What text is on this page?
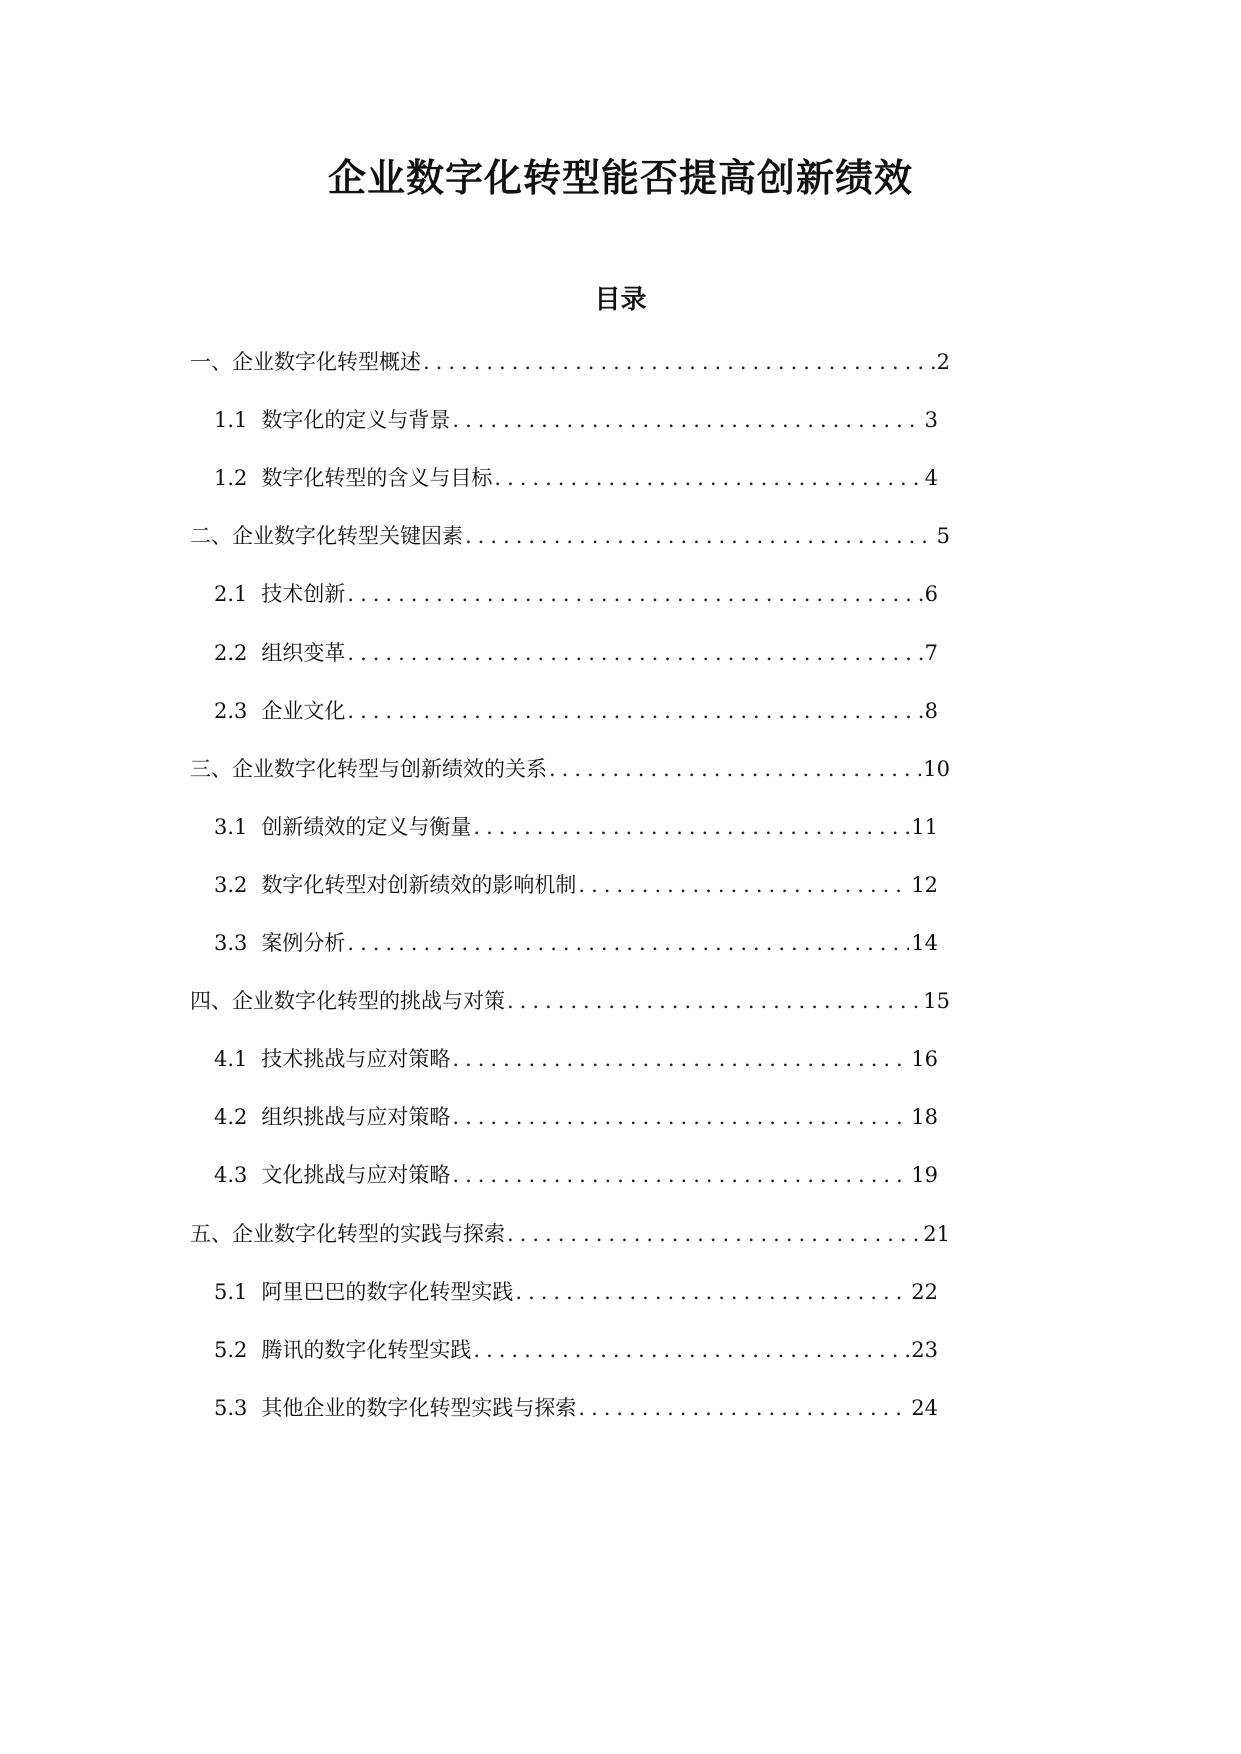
企业数字化转型能否提高创新绩效
目录
一、企业数字化转型概述 .....	2
1.1 数字化的定义与背景 .....	3
1.2 数字化转型的含义与目标 .....	4
二、企业数字化转型关键因素 .....	5
2.1 技术创新 .....	6
2.2 组织变革 .....	7
2.3 企业文化 .....	8
三、企业数字化转型与创新绩效的关系 .....	10
3.1 创新绩效的定义与衡量 .....	11
3.2 数字化转型对创新绩效的影响机制 .....	12
3.3 案例分析 .....	14
四、企业数字化转型的挑战与对策 .....	15
4.1 技术挑战与应对策略 .....	16
4.2 组织挑战与应对策略 .....	18
4.3 文化挑战与应对策略 .....	19
五、企业数字化转型的实践与探索 .....	21
5.1 阿里巴巴的数字化转型实践 .....	22
5.2 腾讯的数字化转型实践 .....	23
5.3 其他企业的数字化转型实践与探索 .....	24
